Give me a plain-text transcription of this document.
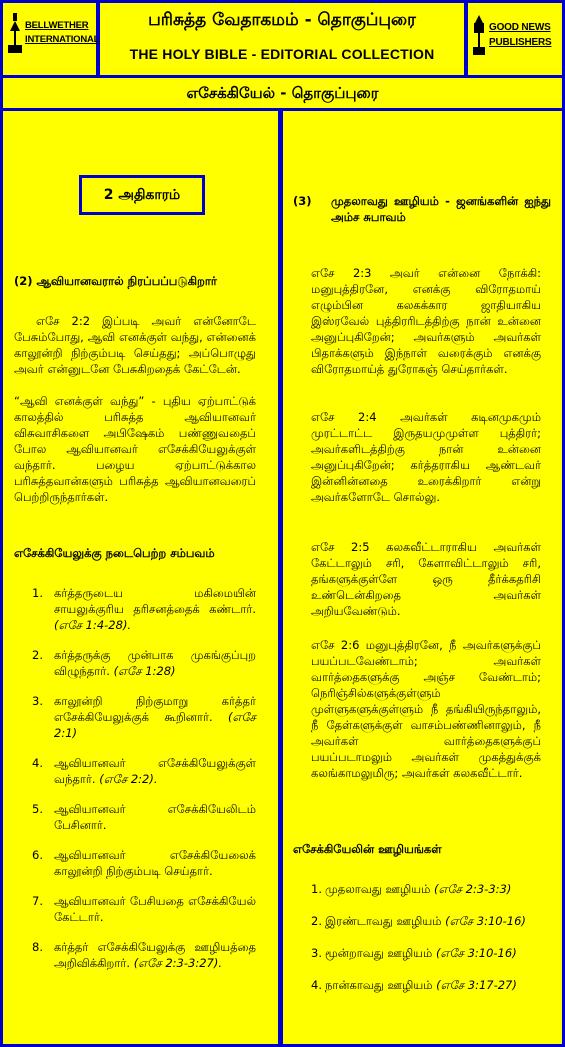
BELLWETHER
INTERNATIONAL
பரிசுத்த வேதாகமம் - தொகுப்புரை
THE HOLY BIBLE - EDITORIAL COLLECTION
GOOD NEWS
PUBLISHERS
எசேக்கியேல் - தொகுப்புரை
2 அதிகாரம்
(2) ஆவியானவரால் நிரப்பப்படுகிறார்
எசே 2:2 இப்படி அவர் என்னோடே பேசும்போது, ஆவி எனக்குள் வந்து, என்னைக் காலூன்றி நிற்கும்படி செய்தது; அப்பொழுது அவர் என்னுடனே பேசுகிறதைக் கேட்டேன்.
“ஆவி எனக்குள் வந்து” - புதிய ஏற்பாட்டுக் காலத்தில் பரிசுத்த ஆவியானவர் விசுவாசிகளை அபிஷேகம் பண்ணுவதைப் போல ஆவியானவர் எசேக்கியேலுக்குள் வந்தார். பழைய ஏற்பாட்டுக்கால பரிசுத்தவான்களும் பரிசுத்த ஆவியானவரைப் பெற்றிருந்தார்கள்.
எசேக்கியேலுக்கு நடைபெற்ற சம்பவம்
1. கர்த்தருடைய மகிமையின் சாயலுக்குரிய தரிசனத்தைக் கண்டார். (எசே 1:4-28).
2. கர்த்தருக்கு முன்பாக முகங்குப்புற விழுந்தார். (எசே 1:28)
3. காலூன்றி நிற்குமாறு கர்த்தர் எசேக்கியேலுக்குக் கூறினார். (எசே 2:1)
4. ஆவியானவர் எசேக்கியேலுக்குள் வந்தார். (எசே 2:2).
5. ஆவியானவர் எசேக்கியேலிடம் பேசினார்.
6. ஆவியானவர் எசேக்கியேலைக் காலூன்றி நிற்கும்படி செய்தார்.
7. ஆவியானவர் பேசியதை எசேக்கியேல் கேட்டார்.
8. கர்த்தர் எசேக்கியேலுக்கு ஊழியத்தை அறிவிக்கிறார். (எசே 2:3-3:27).
(3)	முதலாவது ஊழியம் - ஜனங்களின் ஐந்து அம்ச சுபாவம்
எசே 2:3 அவர் என்னை நோக்கி: மனுபுத்திரனே, எனக்கு விரோதமாய் எழும்பின கலகக்கார ஜாதியாகிய இஸ்ரவேல் புத்திரரிடத்திற்கு நான் உன்னை அனுப்புகிறேன்; அவர்களும் அவர்கள் பிதாக்களும் இந்நாள் வரைக்கும் எனக்கு விரோதமாய்த் துரோகஞ் செய்தார்கள்.
எசே 2:4 அவர்கள் கடினமுகமும் முரட்டாட்ட இருதயமுமுள்ள புத்திரர்; அவர்களிடத்திற்கு நான் உன்னை அனுப்புகிறேன்; கர்த்தராகிய ஆண்டவர் இன்னின்னதை உரைக்கிறார் என்று அவர்களோடே சொல்லு.
எசே 2:5 கலகவீட்டாராகிய அவர்கள் கேட்டாலும் சரி, கேளாவிட்டாலும் சரி, தங்களுக்குள்ளே ஒரு தீர்க்கதரிசி உண்டென்கிறதை அவர்கள் அறியவேண்டும்.
எசே 2:6 மனுபுத்திரனே, நீ அவர்களுக்குப் பயப்படவேண்டாம்; அவர்கள் வார்த்தைகளுக்கு அஞ்ச வேண்டாம்; நெரிஞ்சில்களுக்குள்ளும் முள்ளுகளுக்குள்ளும் நீ தங்கியிருந்தாலும், நீ தேள்களுக்குள் வாசம்பண்ணினாலும், நீ அவர்கள் வார்த்தைகளுக்குப் பயப்படாமலும் அவர்கள் முகத்துக்குக் கலங்காமலுமிரு; அவர்கள் கலகவீட்டார்.
எசேக்கியேலின் ஊழியங்கள்
1. முதலாவது ஊழியம் (எசே 2:3-3:3)
2. இரண்டாவது ஊழியம் (எசே 3:10-16)
3. மூன்றாவது ஊழியம் (எசே 3:10-16)
4. நான்காவது ஊழியம் (எசே 3:17-27)
